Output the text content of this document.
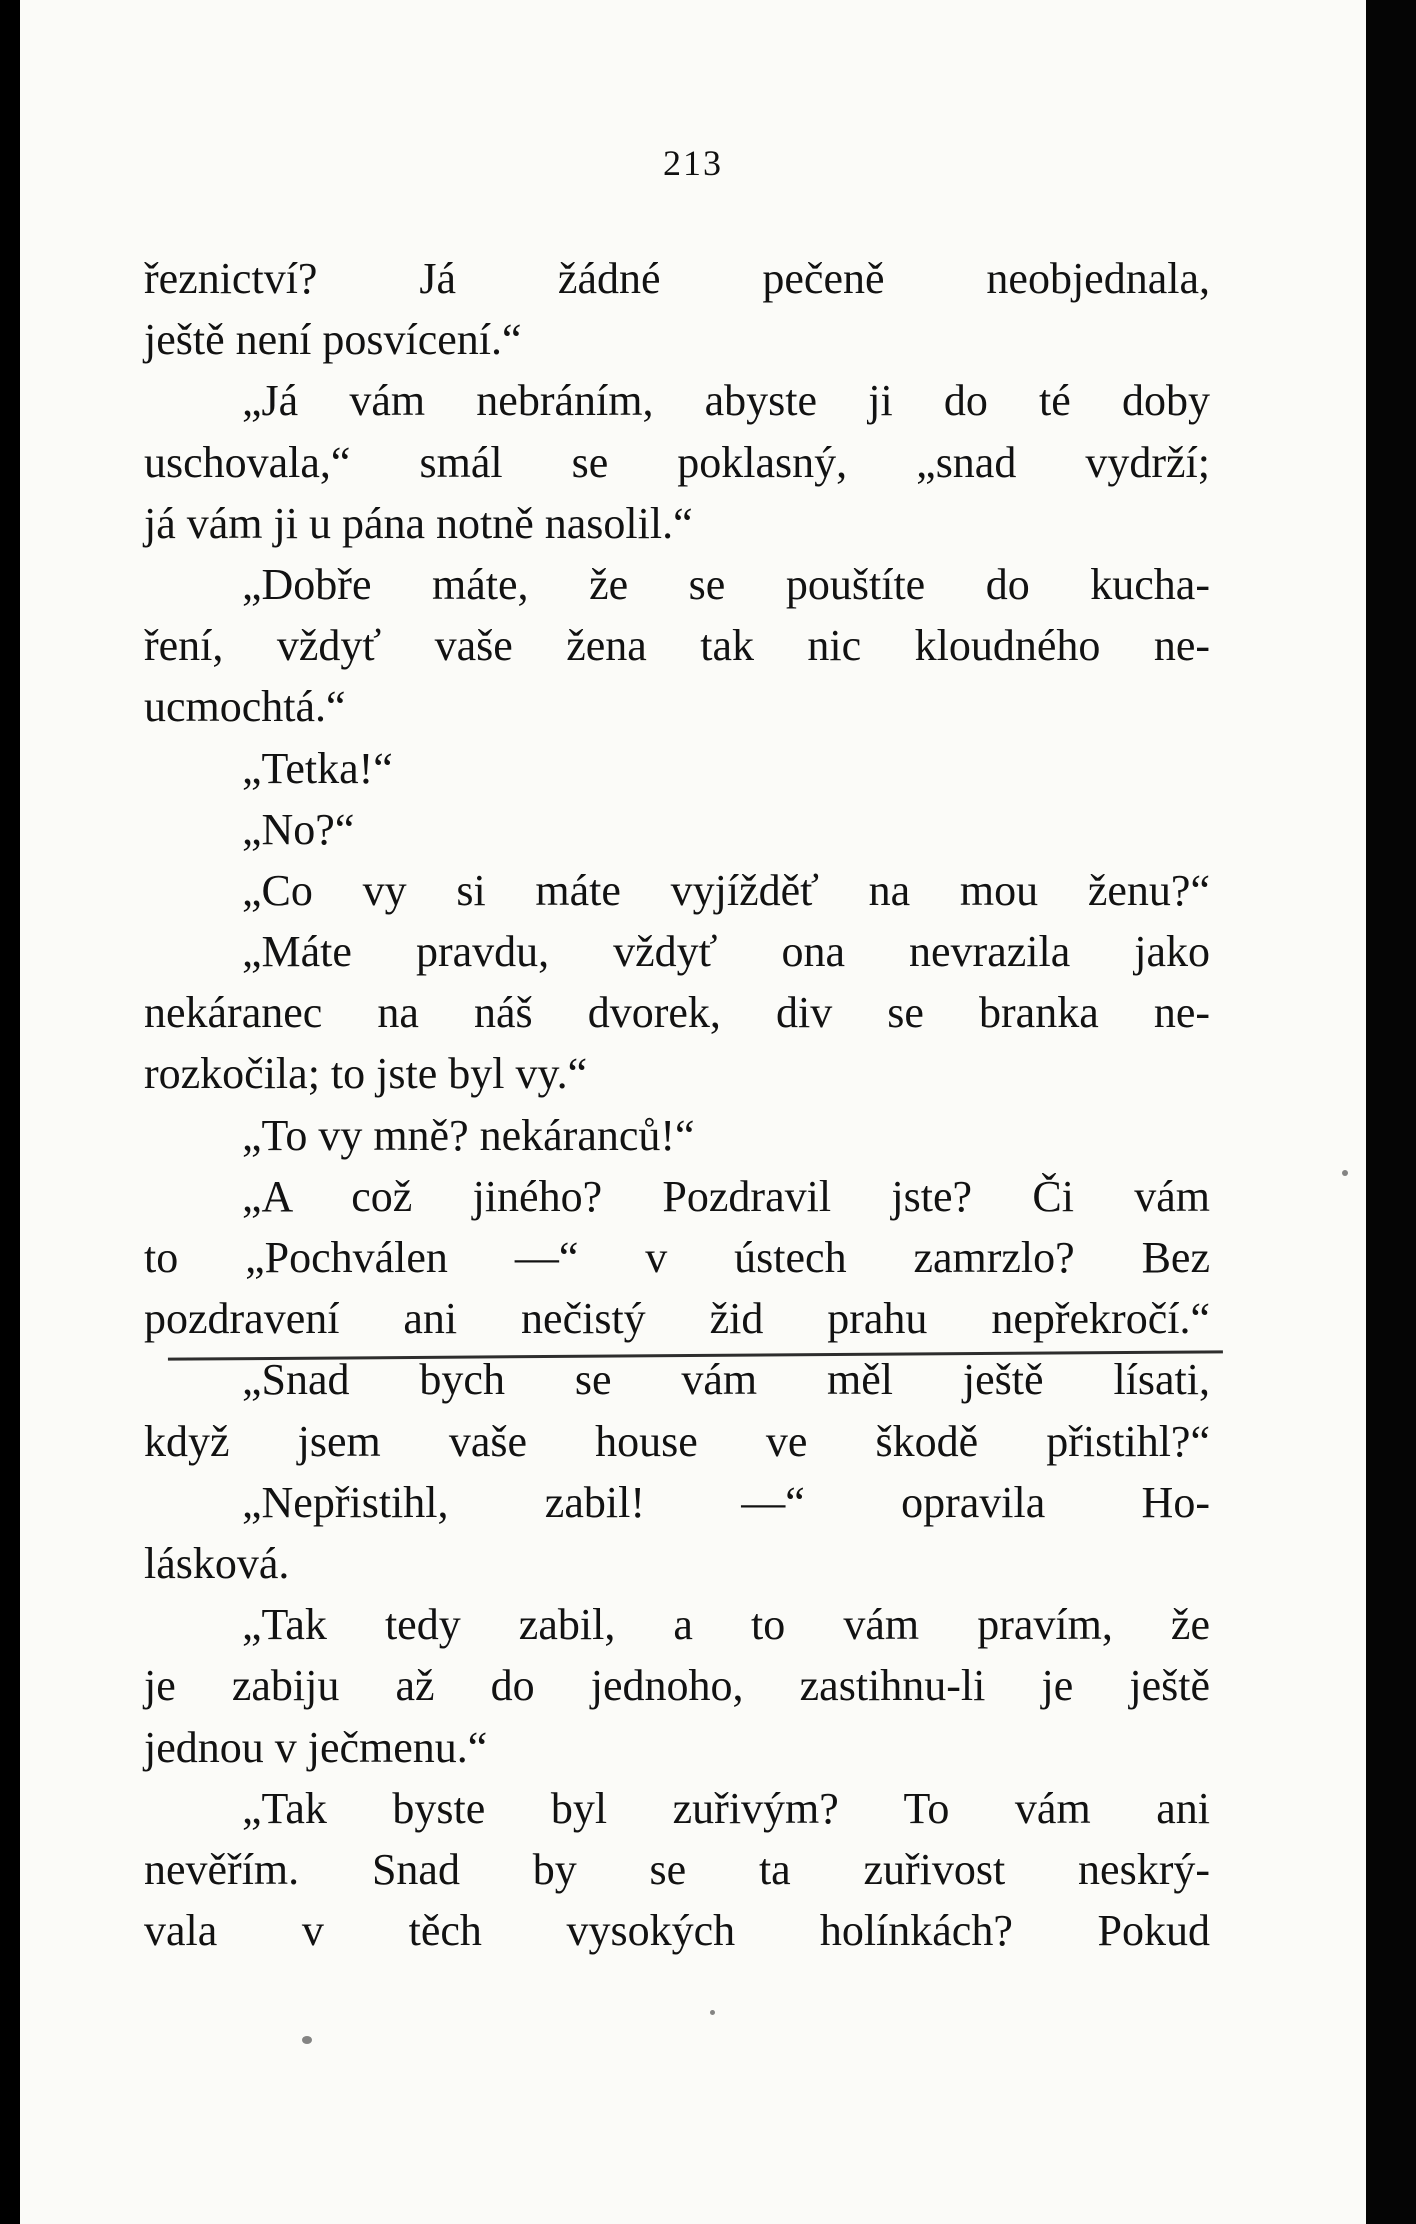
213
řeznictví? Já žádné pečeně neobjednala,
ještě není posvícení.“
„Já vám nebráním, abyste ji do té doby
uschovala,“ smál se poklasný, „snad vydrží;
já vám ji u pána notně nasolil.“
„Dobře máte, že se pouštíte do kucha-
ření, vždyť vaše žena tak nic kloudného ne-
ucmochtá.“
„Tetka!“
„No?“
„Co vy si máte vyjížděť na mou ženu?“
„Máte pravdu, vždyť ona nevrazila jako
nekáranec na náš dvorek, div se branka ne-
rozkočila; to jste byl vy.“
„To vy mně? nekáranců!“
„A což jiného? Pozdravil jste? Či vám
to „Pochválen —“ v ústech zamrzlo? Bez
pozdravení ani nečistý žid prahu nepřekročí.“
„Snad bych se vám měl ještě lísati,
když jsem vaše house ve škodě přistihl?“
„Nepřistihl, zabil! —“ opravila Ho-
lásková.
„Tak tedy zabil, a to vám pravím, že
je zabiju až do jednoho, zastihnu-li je ještě
jednou v ječmenu.“
„Tak byste byl zuřivým? To vám ani
nevěřím. Snad by se ta zuřivost neskrý-
vala v těch vysokých holínkách? Pokud
